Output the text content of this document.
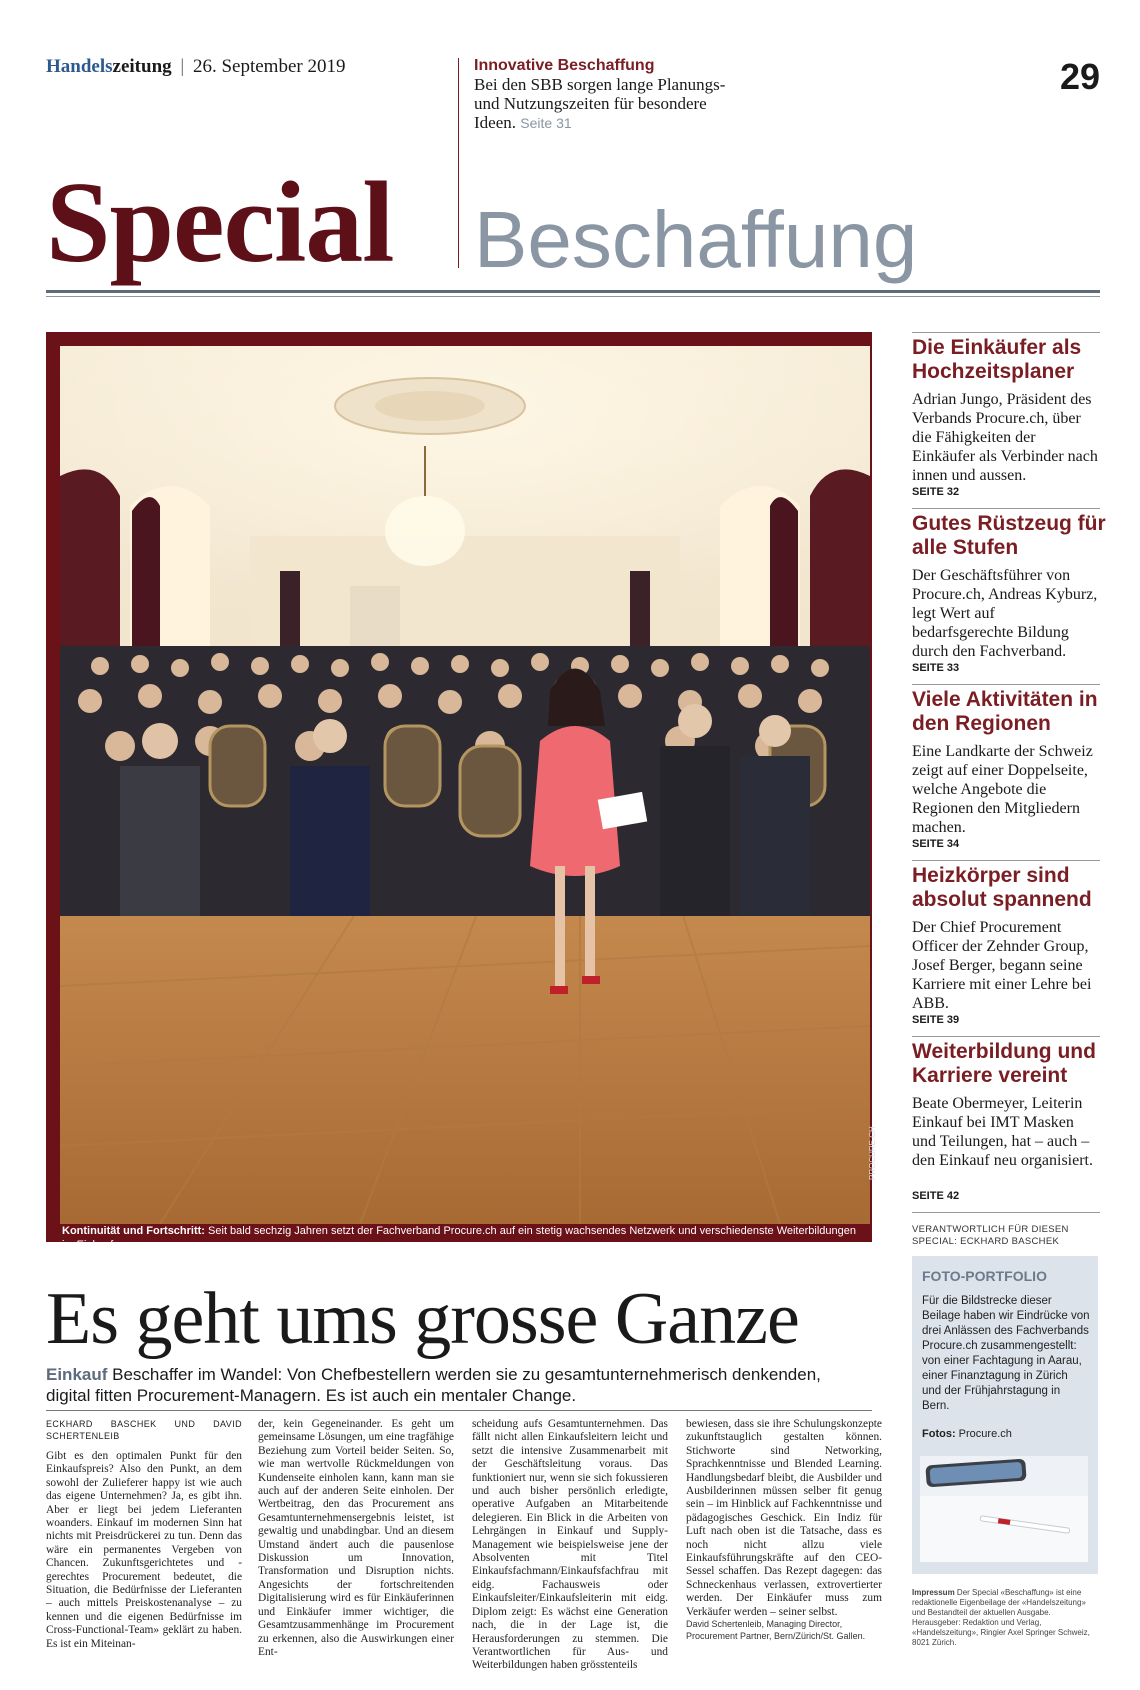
Handelszeitung | 26. September 2019	Innovative Beschaffung
Bei den SBB sorgen lange Planungs- und Nutzungszeiten für besondere Ideen. Seite 31
29
Special Beschaffung
PROCURE.CH
Kontinuität und Fortschritt: Seit bald sechzig Jahren setzt der Fachverband Procure.ch auf ein stetig wachsendes Netzwerk und verschiedenste Weiterbildungen im Einkauf.
Die Einkäufer als Hochzeitsplaner
Adrian Jungo, Präsident des Verbands Procure.ch, über die Fähigkeiten der Einkäufer als Verbinder nach innen und aussen.
SEITE 32
Gutes Rüstzeug für alle Stufen
Der Geschäftsführer von Procure.ch, Andreas Kyburz, legt Wert auf bedarfsgerechte Bildung durch den Fachverband.
SEITE 33
Viele Aktivitäten in den Regionen
Eine Landkarte der Schweiz zeigt auf einer Doppelseite, welche Angebote die Regionen den Mitgliedern machen.
SEITE 34
Heizkörper sind absolut spannend
Der Chief Procurement Officer der Zehnder Group, Josef Berger, begann seine Karriere mit einer Lehre bei ABB.
SEITE 39
Weiterbildung und Karriere vereint
Beate Obermeyer, Leiterin Einkauf bei IMT Masken und Teilungen, hat – auch – den Einkauf neu organisiert.
SEITE 42
VERANTWORTLICH FÜR DIESEN SPECIAL: ECKHARD BASCHEK
FOTO-PORTFOLIO
Für die Bildstrecke dieser Beilage haben wir Eindrücke von drei Anlässen des Fachverbands Procure.ch zusammengestellt: von einer Fachtagung in Aarau, einer Finanztagung in Zürich und der Frühjahrstagung in Bern.
Fotos: Procure.ch
Impressum Der Special «Beschaffung» ist eine redaktionelle Eigenbeilage der «Handelszeitung» und Bestandteil der aktuellen Ausgabe. Herausgeber: Redaktion und Verlag, «Handelszeitung», Ringier Axel Springer Schweiz, 8021 Zürich.
Es geht ums grosse Ganze
Einkauf Beschaffer im Wandel: Von Chefbestellern werden sie zu gesamtunternehmerisch denkenden, digital fitten Procurement-Managern. Es ist auch ein mentaler Change.
ECKHARD BASCHEK UND DAVID SCHERTENLEIB
Gibt es den optimalen Punkt für den Einkaufspreis? Also den Punkt, an dem sowohl der Zulieferer happy ist wie auch das eigene Unternehmen? Ja, es gibt ihn. Aber er liegt bei jedem Lieferanten woanders. Einkauf im modernen Sinn hat nichts mit Preisdrückerei zu tun. Denn das wäre ein permanentes Vergeben von Chancen. Zukunftsgerichtetes und -gerechtes Procurement bedeutet, die Situation, die Bedürfnisse der Lieferanten – auch mittels Preiskostenanalyse – zu kennen und die eigenen Bedürfnisse im Cross-Functional-Team» geklärt zu haben. Es ist ein Miteinan-
der, kein Gegeneinander. Es geht um gemeinsame Lösungen, um eine tragfähige Beziehung zum Vorteil beider Seiten. So, wie man wertvolle Rückmeldungen von Kundenseite einholen kann, kann man sie auch auf der anderen Seite einholen. Der Wertbeitrag, den das Procurement ans Gesamtunternehmensergebnis leistet, ist gewaltig und unabdingbar. Und an diesem Umstand ändert auch die pausenlose Diskussion um Innovation, Transformation und Disruption nichts. Angesichts der fortschreitenden Digitalisierung wird es für Einkäuferinnen und Einkäufer immer wichtiger, die Gesamtzusammenhänge im Procurement zu erkennen, also die Auswirkungen einer Ent-
scheidung aufs Gesamtunternehmen. Das fällt nicht allen Einkaufsleitern leicht und setzt die intensive Zusammenarbeit mit der Geschäftsleitung voraus. Das funktioniert nur, wenn sie sich fokussieren und auch bisher persönlich erledigte, operative Aufgaben an Mitarbeitende delegieren. Ein Blick in die Arbeiten von Lehrgängen in Einkauf und Supply-Management wie beispielsweise jene der Absolventen mit Titel Einkaufsfachmann/Einkaufsfachfrau mit eidg. Fachausweis oder Einkaufsleiter/Einkaufsleiterin mit eidg. Diplom zeigt: Es wächst eine Generation nach, die in der Lage ist, die Herausforderungen zu stemmen. Die Verantwortlichen für Aus- und Weiterbildungen haben grösstenteils
bewiesen, dass sie ihre Schulungskonzepte zukunftstauglich gestalten können. Stichworte sind Networking, Sprachkenntnisse und Blended Learning. Handlungsbedarf bleibt, die Ausbilder und Ausbilderinnen müssen selber fit genug sein – im Hinblick auf Fachkenntnisse und pädagogisches Geschick. Ein Indiz für Luft nach oben ist die Tatsache, dass es noch nicht allzu viele Einkaufsführungskräfte auf den CEO-Sessel schaffen. Das Rezept dagegen: das Schneckenhaus verlassen, extrovertierter werden. Der Einkäufer muss zum Verkäufer werden – seiner selbst.
David Schertenleib, Managing Director, Procurement Partner, Bern/Zürich/St. Gallen.
